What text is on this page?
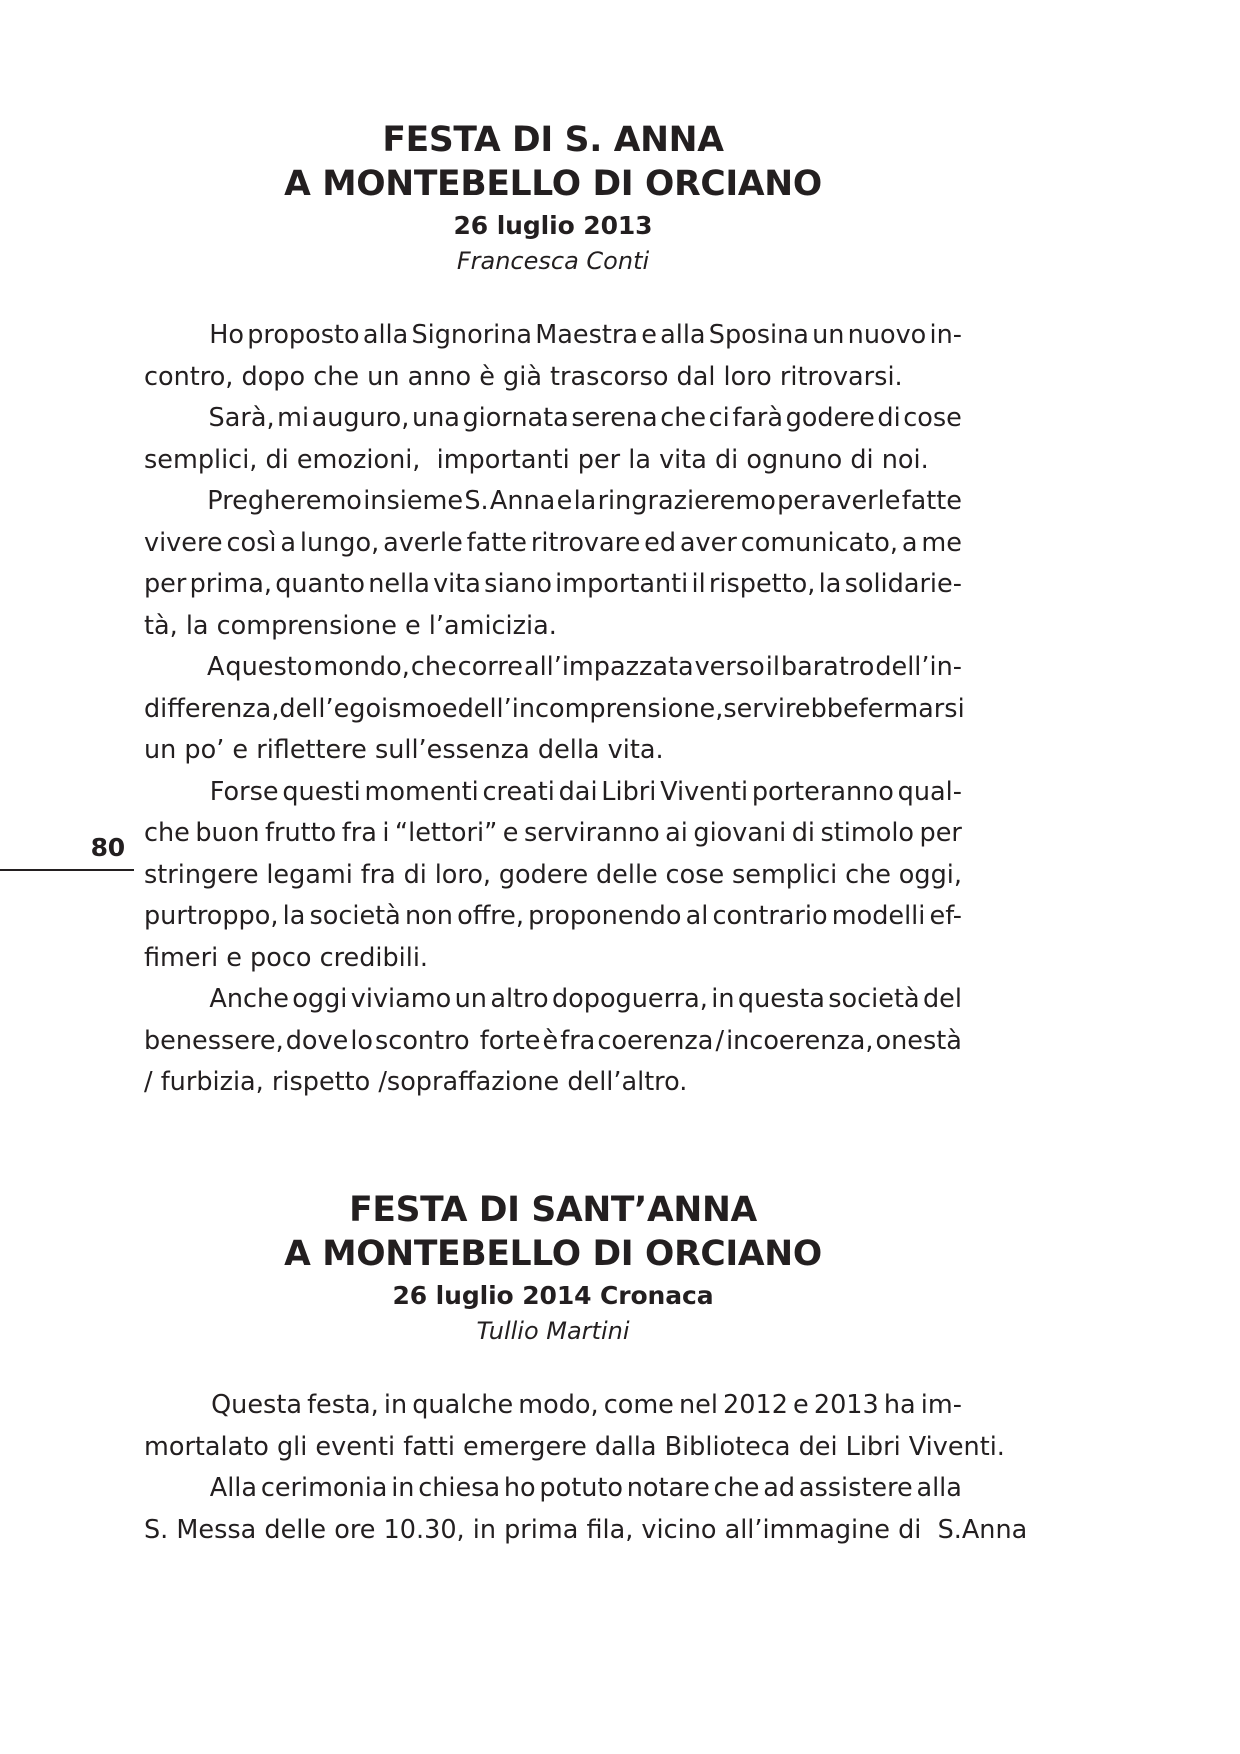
80
FESTA DI S. ANNA
A MONTEBELLO DI ORCIANO
26 luglio 2013
Francesca Conti
Ho proposto alla Signorina Maestra e alla Sposina un nuovo in-
contro, dopo che un anno è già trascorso dal loro ritrovarsi.
Sarà, mi auguro, una giornata serena che ci farà godere di cose
semplici, di emozioni,  importanti per la vita di ognuno di noi.
Pregheremo insieme S. Anna e la ringrazieremo per averle fatte
vivere così a lungo, averle fatte ritrovare ed aver comunicato, a me
per prima, quanto nella vita siano importanti il rispetto, la solidarie-
tà, la comprensione e l’amicizia.
A questo mondo, che corre all’impazzata verso il baratro dell’in-
differenza, dell’egoismo e dell’incomprensione, servirebbe fermarsi
un po’ e riflettere sull’essenza della vita.
Forse questi momenti creati dai Libri Viventi porteranno qual-
che buon frutto fra i “lettori” e serviranno ai giovani di stimolo per
stringere legami fra di loro, godere delle cose semplici che oggi,
purtroppo, la società non offre, proponendo al contrario modelli ef-
fimeri e poco credibili.
Anche oggi viviamo un altro dopoguerra, in questa società del
benessere, dove lo scontro forte è fra coerenza / incoerenza, onestà
/ furbizia, rispetto /sopraffazione dell’altro.
FESTA DI SANT’ANNA
A MONTEBELLO DI ORCIANO
26 luglio 2014 Cronaca
Tullio Martini
Questa festa, in qualche modo, come nel 2012 e 2013 ha im-
mortalato gli eventi fatti emergere dalla Biblioteca dei Libri Viventi.
Alla cerimonia in chiesa ho potuto notare che ad assistere alla
S. Messa delle ore 10.30, in prima fila, vicino all’immagine di  S.Anna
